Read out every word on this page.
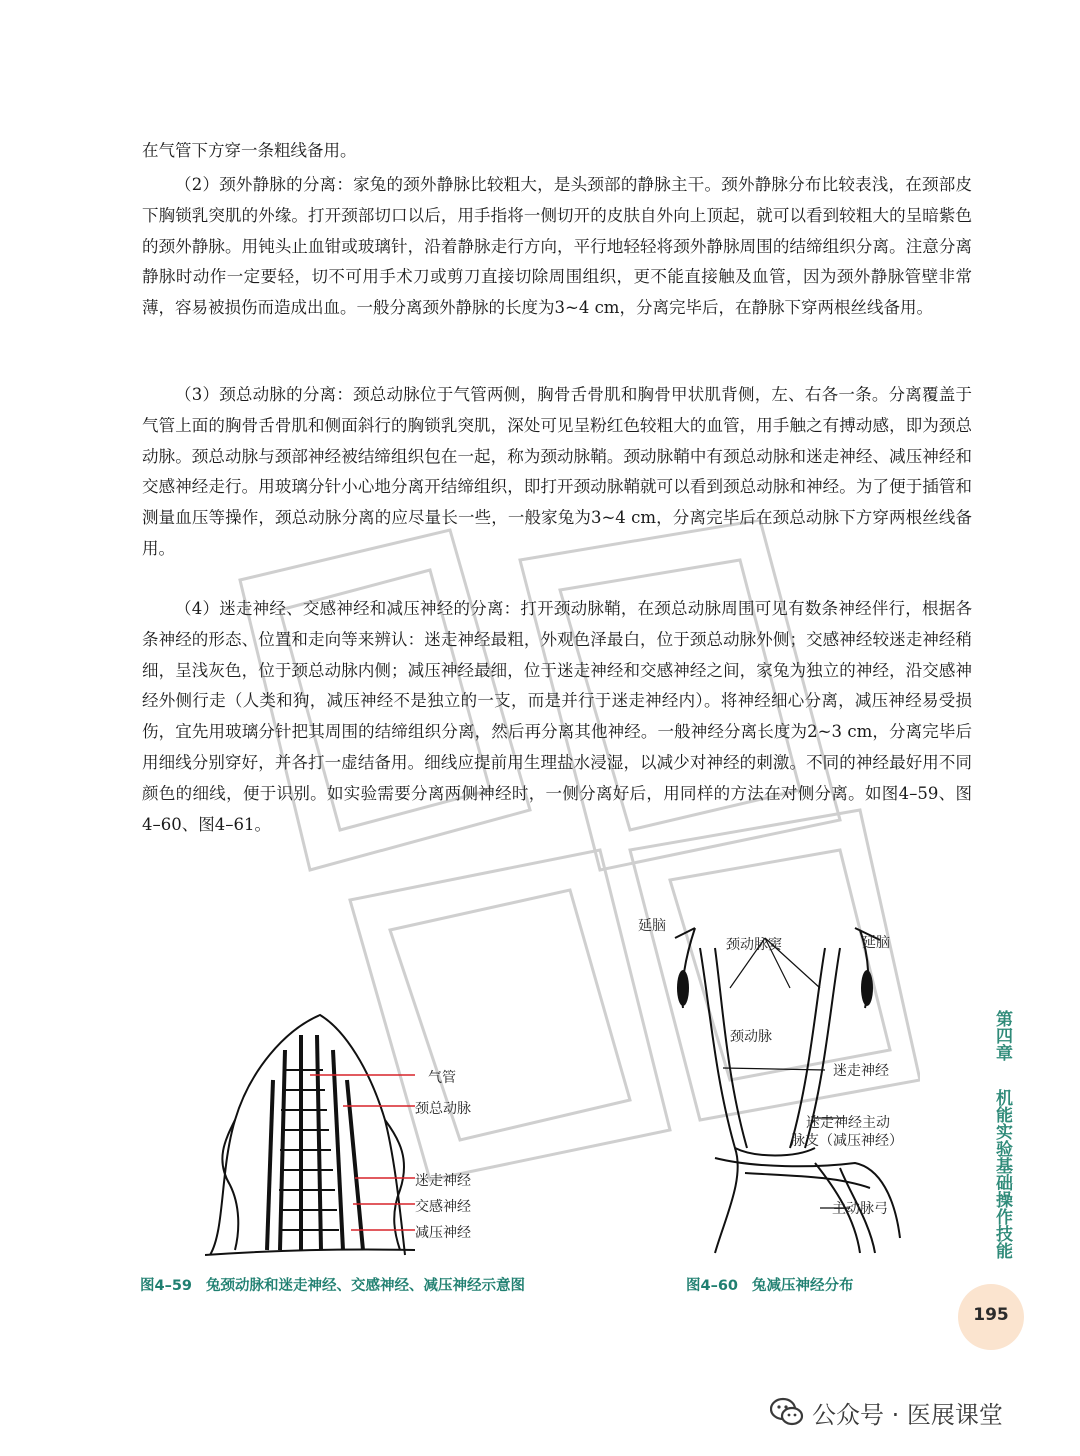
在气管下方穿一条粗线备用。

（2）颈外静脉的分离：家兔的颈外静脉比较粗大，是头颈部的静脉主干。颈外静脉分布比较表浅，在颈部皮下胸锁乳突肌的外缘。打开颈部切口以后，用手指将一侧切开的皮肤自外向上顶起，就可以看到较粗大的呈暗紫色的颈外静脉。用钝头止血钳或玻璃针，沿着静脉走行方向，平行地轻轻将颈外静脉周围的结缔组织分离。注意分离静脉时动作一定要轻，切不可用手术刀或剪刀直接切除周围组织，更不能直接触及血管，因为颈外静脉管壁非常薄，容易被损伤而造成出血。一般分离颈外静脉的长度为3~4 cm，分离完毕后，在静脉下穿两根丝线备用。

（3）颈总动脉的分离：颈总动脉位于气管两侧，胸骨舌骨肌和胸骨甲状肌背侧，左、右各一条。分离覆盖于气管上面的胸骨舌骨肌和侧面斜行的胸锁乳突肌，深处可见呈粉红色较粗大的血管，用手触之有搏动感，即为颈总动脉。颈总动脉与颈部神经被结缔组织包在一起，称为颈动脉鞘。颈动脉鞘中有颈总动脉和迷走神经、减压神经和交感神经走行。用玻璃分针小心地分离开结缔组织，即打开颈动脉鞘就可以看到颈总动脉和神经。为了便于插管和测量血压等操作，颈总动脉分离的应尽量长一些，一般家兔为3~4 cm，分离完毕后在颈总动脉下方穿两根丝线备用。

（4）迷走神经、交感神经和减压神经的分离：打开颈动脉鞘，在颈总动脉周围可见有数条神经伴行，根据各条神经的形态、位置和走向等来辨认：迷走神经最粗，外观色泽最白，位于颈总动脉外侧；交感神经较迷走神经稍细，呈浅灰色，位于颈总动脉内侧；减压神经最细，位于迷走神经和交感神经之间，家兔为独立的神经，沿交感神经外侧行走（人类和狗，减压神经不是独立的一支，而是并行于迷走神经内）。将神经细心分离，减压神经易受损伤，宜先用玻璃分针把其周围的结缔组织分离，然后再分离其他神经。一般神经分离长度为2~3 cm，分离完毕后用细线分别穿好，并各打一虚结备用。细线应提前用生理盐水浸湿，以减少对神经的刺激。不同的神经最好用不同颜色的细线，便于识别。如实验需要分离两侧神经时，一侧分离好后，用同样的方法在对侧分离。如图4–59、图4–60、图4–61。

气管
颈总动脉
迷走神经
交感神经
减压神经
图4–59 兔颈动脉和迷走神经、交感神经、减压神经示意图
延脑
颈动脉窦	延脑
颈动脉
迷走神经
迷走神经主动
脉支（减压神经）
主动脉弓
图4–60 兔减压神经分布
第四章 机能实验基础操作技能
195
公众号 · 医展课堂
